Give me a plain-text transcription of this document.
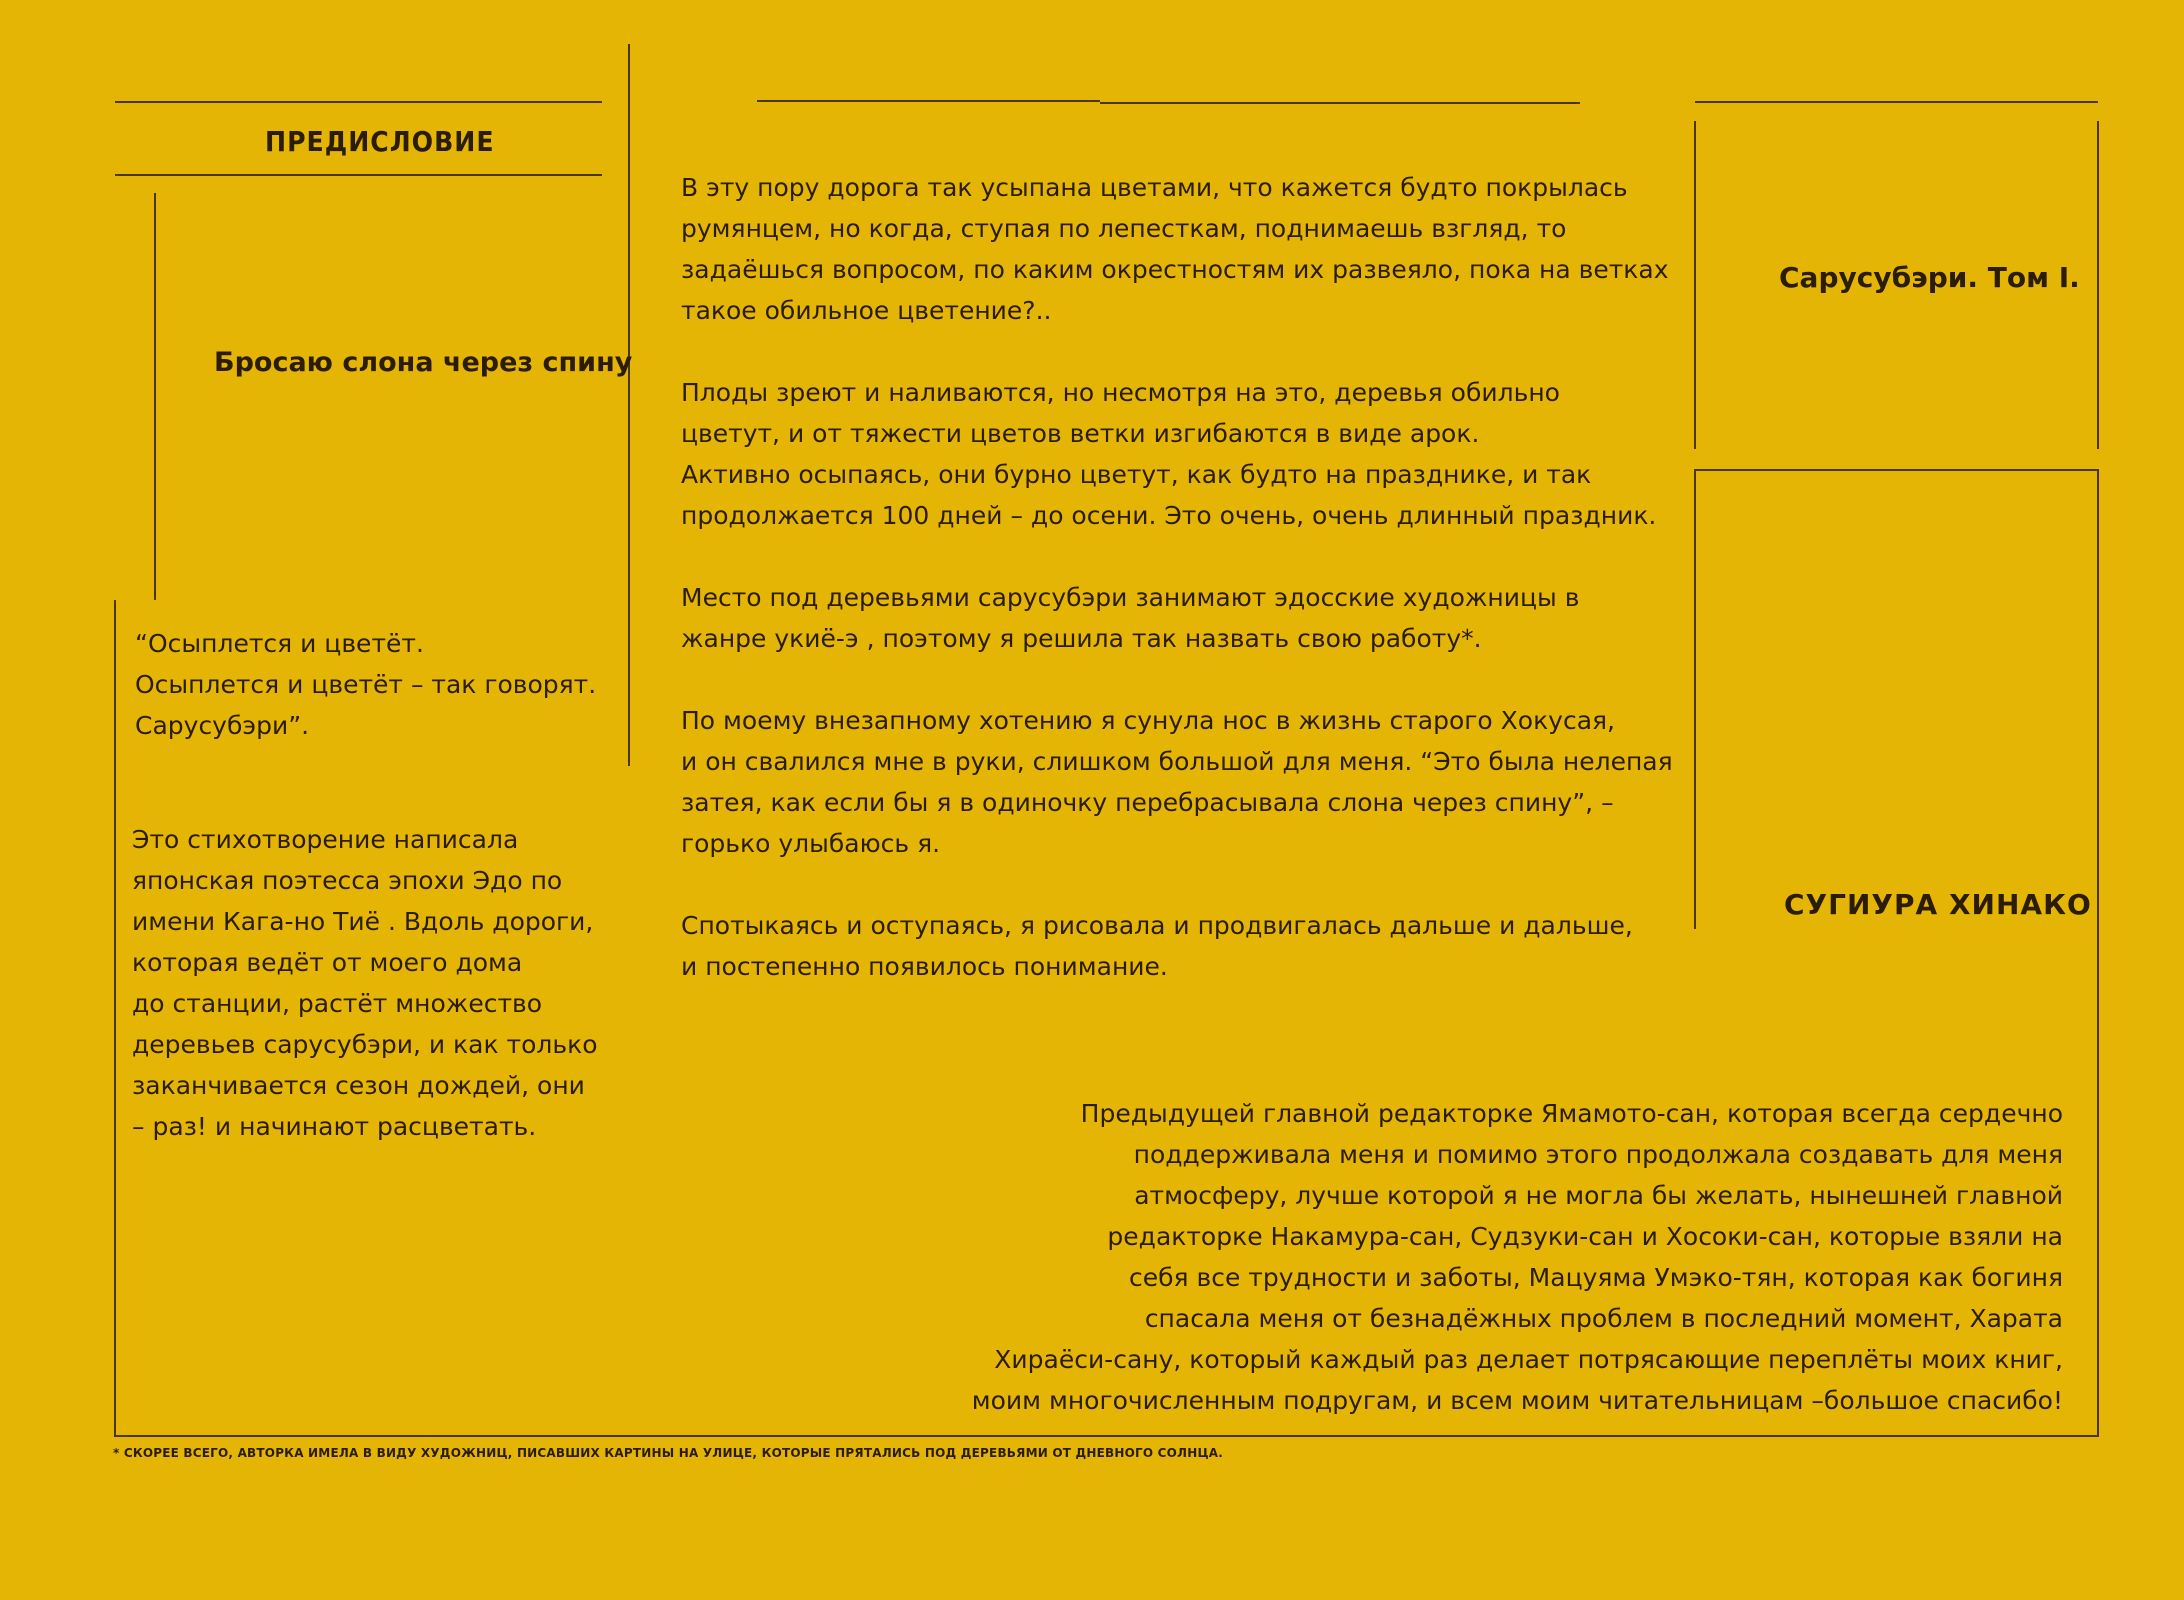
ПРЕДИСЛОВИЕ
Бросаю слона через спину
“Осыплется и цветёт.
Осыплется и цветёт – так говорят.
Сарусубэри”.
Это стихотворение написала
японская поэтесса эпохи Эдо по
имени Кага-но Тиё . Вдоль дороги,
которая ведёт от моего дома
до станции, растёт множество
деревьев сарусубэри, и как только
заканчивается сезон дождей, они
– раз! и начинают расцветать.
В эту пору дорога так усыпана цветами, что кажется будто покрылась
румянцем, но когда, ступая по лепесткам, поднимаешь взгляд, то
задаёшься вопросом, по каким окрестностям их развеяло, пока на ветках
такое обильное цветение?..
Плоды зреют и наливаются, но несмотря на это, деревья обильно
цветут, и от тяжести цветов ветки изгибаются в виде арок.
Активно осыпаясь, они бурно цветут, как будто на празднике, и так
продолжается 100 дней – до осени. Это очень, очень длинный праздник.
Место под деревьями сарусубэри занимают эдосские художницы в
жанре укиё-э , поэтому я решила так назвать свою работу*.
По моему внезапному хотению я сунула нос в жизнь старого Хокусая,
и он свалился мне в руки, слишком большой для меня. “Это была нелепая
затея, как если бы я в одиночку перебрасывала слона через спину”, –
горько улыбаюсь я.
Спотыкаясь и оступаясь, я рисовала и продвигалась дальше и дальше,
и постепенно появилось понимание.
Сарусубэри. Том I.
СУГИУРА ХИНАКО
Предыдущей главной редакторке Ямамото-сан, которая всегда сердечно
поддерживала меня и помимо этого продолжала создавать для меня
атмосферу, лучше которой я не могла бы желать, нынешней главной
редакторке Накамура-сан, Судзуки-сан и Хосоки-сан, которые взяли на
себя все трудности и заботы, Мацуяма Умэко-тян, которая как богиня
спасала меня от безнадёжных проблем в последний момент, Харата
Хираёси-сану, который каждый раз делает потрясающие переплёты моих книг,
моим многочисленным подругам, и всем моим читательницам –большое спасибо!
* СКОРЕЕ ВСЕГО, АВТОРКА ИМЕЛА В ВИДУ ХУДОЖНИЦ, ПИСАВШИХ КАРТИНЫ НА УЛИЦЕ, КОТОРЫЕ ПРЯТАЛИСЬ ПОД ДЕРЕВЬЯМИ ОТ ДНЕВНОГО СОЛНЦА.
